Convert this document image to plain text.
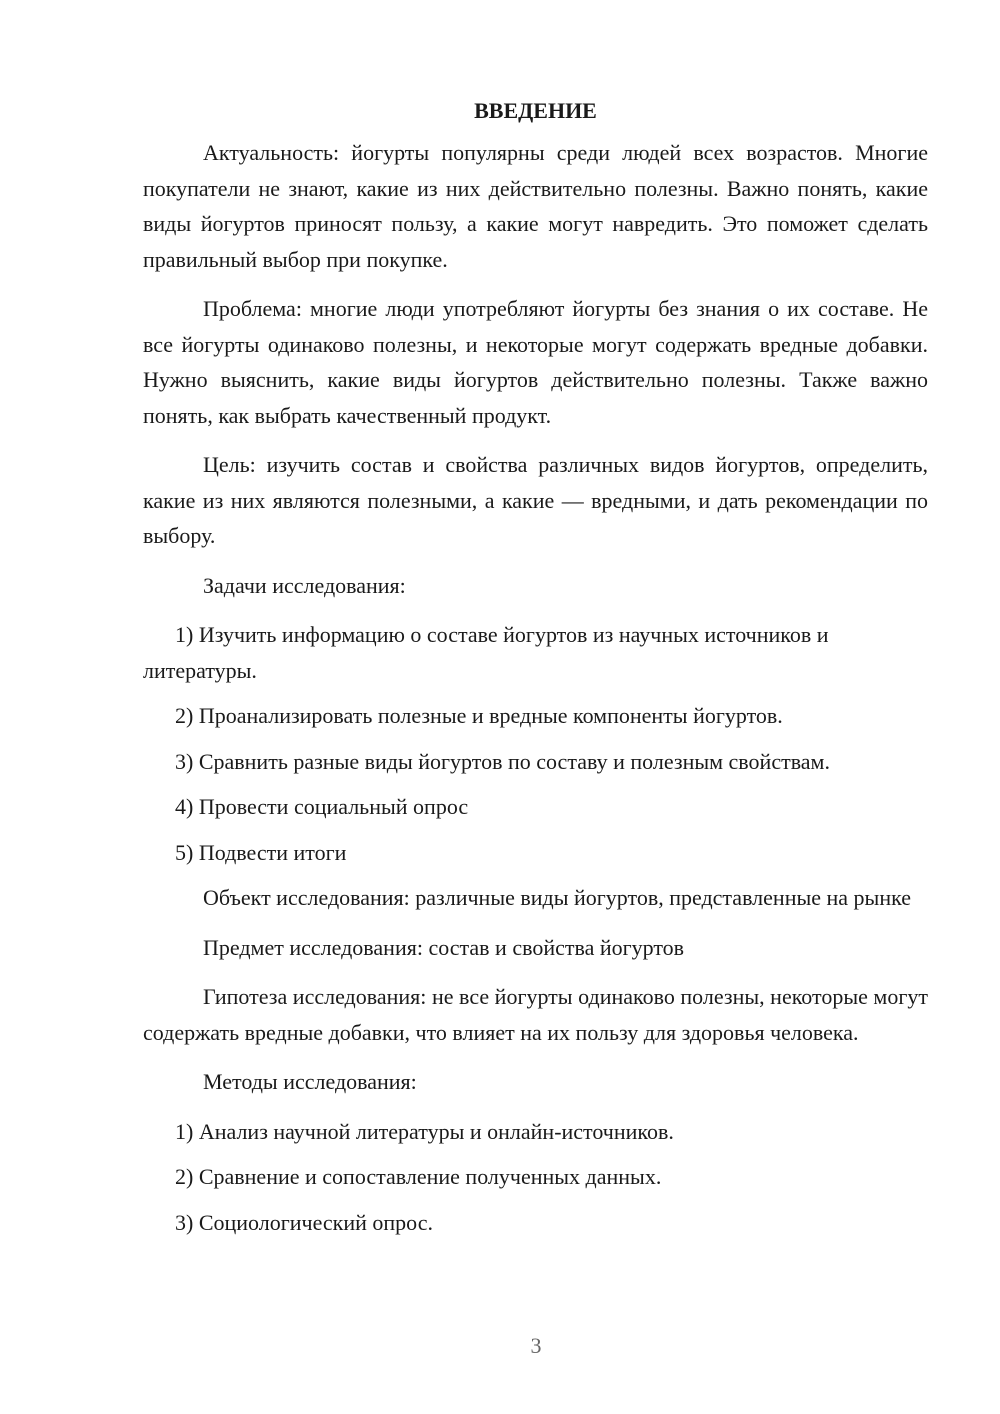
ВВЕДЕНИЕ

Актуальность: йогурты популярны среди людей всех возрастов. Многие покупатели не знают, какие из них действительно полезны. Важно понять, какие виды йогуртов приносят пользу, а какие могут навредить. Это поможет сделать правильный выбор при покупке.

Проблема: многие люди употребляют йогурты без знания о их составе. Не все йогурты одинаково полезны, и некоторые могут содержать вредные добавки. Нужно выяснить, какие виды йогуртов действительно полезны. Также важно понять, как выбрать качественный продукт.

Цель: изучить состав и свойства различных видов йогуртов, определить, какие из них являются полезными, а какие — вредными, и дать рекомендации по выбору.

Задачи исследования:

1) Изучить информацию о составе йогуртов из научных источников и литературы.

2) Проанализировать полезные и вредные компоненты йогуртов.

3) Сравнить разные виды йогуртов по составу и полезным свойствам.

4) Провести социальный опрос

5) Подвести итоги

Объект исследования: различные виды йогуртов, представленные на рынке

Предмет исследования: состав и свойства йогуртов

Гипотеза исследования: не все йогурты одинаково полезны, некоторые могут содержать вредные добавки, что влияет на их пользу для здоровья человека.

Методы исследования:

1) Анализ научной литературы и онлайн-источников.

2) Сравнение и сопоставление полученных данных.

3) Социологический опрос.

3
